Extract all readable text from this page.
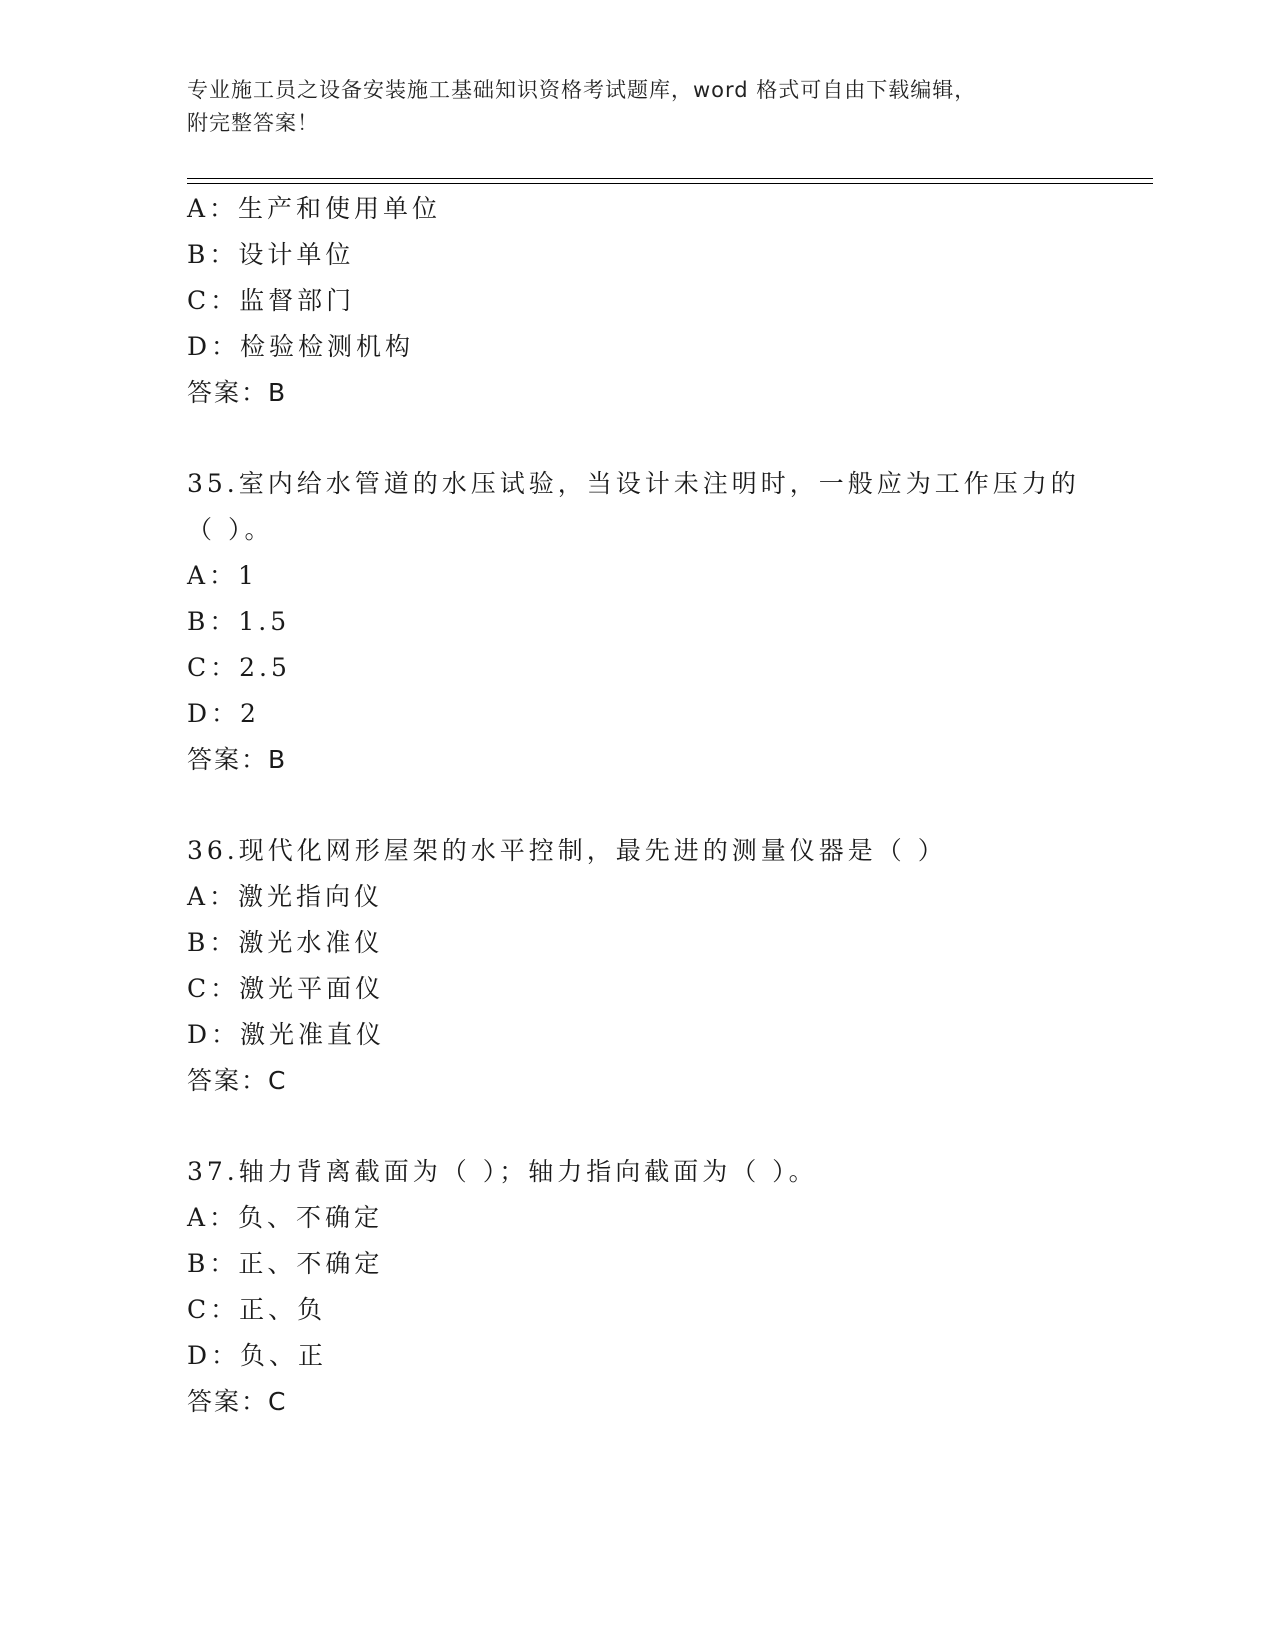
专业施工员之设备安装施工基础知识资格考试题库，word 格式可自由下载编辑，
附完整答案！
A：生产和使用单位
B：设计单位
C：监督部门
D：检验检测机构
答案：B
35.室内给水管道的水压试验，当设计未注明时，一般应为工作压力的
（ ）。
A：1
B：1.5
C：2.5
D：2
答案：B
36.现代化网形屋架的水平控制，最先进的测量仪器是（ ）
A：激光指向仪
B：激光水准仪
C：激光平面仪
D：激光准直仪
答案：C
37.轴力背离截面为（ ）；轴力指向截面为（ ）。
A：负、不确定
B：正、不确定
C：正、负
D：负、正
答案：C
